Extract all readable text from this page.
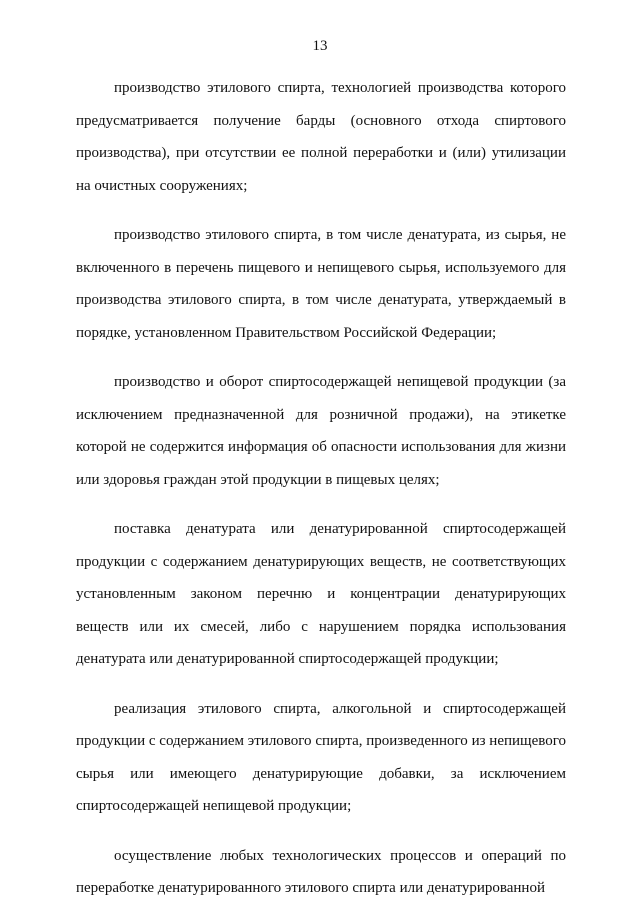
13

производство этилового спирта, технологией производства которого предусматривается получение барды (основного отхода спиртового производства), при отсутствии ее полной переработки и (или) утилизации на очистных сооружениях;

производство этилового спирта, в том числе денатурата, из сырья, не включенного в перечень пищевого и непищевого сырья, используемого для производства этилового спирта, в том числе денатурата, утверждаемый в порядке, установленном Правительством Российской Федерации;

производство и оборот спиртосодержащей непищевой продукции (за исключением предназначенной для розничной продажи), на этикетке которой не содержится информация об опасности использования для жизни или здоровья граждан этой продукции в пищевых целях;

поставка денатурата или денатурированной спиртосодержащей продукции с содержанием денатурирующих веществ, не соответствующих установленным законом перечню и концентрации денатурирующих веществ или их смесей, либо с нарушением порядка использования денатурата или денатурированной спиртосодержащей продукции;

реализация этилового спирта, алкогольной и спиртосодержащей продукции с содержанием этилового спирта, произведенного из непищевого сырья или имеющего денатурирующие добавки, за исключением спиртосодержащей непищевой продукции;

осуществление любых технологических процессов и операций по переработке денатурированного этилового спирта или денатурированной
